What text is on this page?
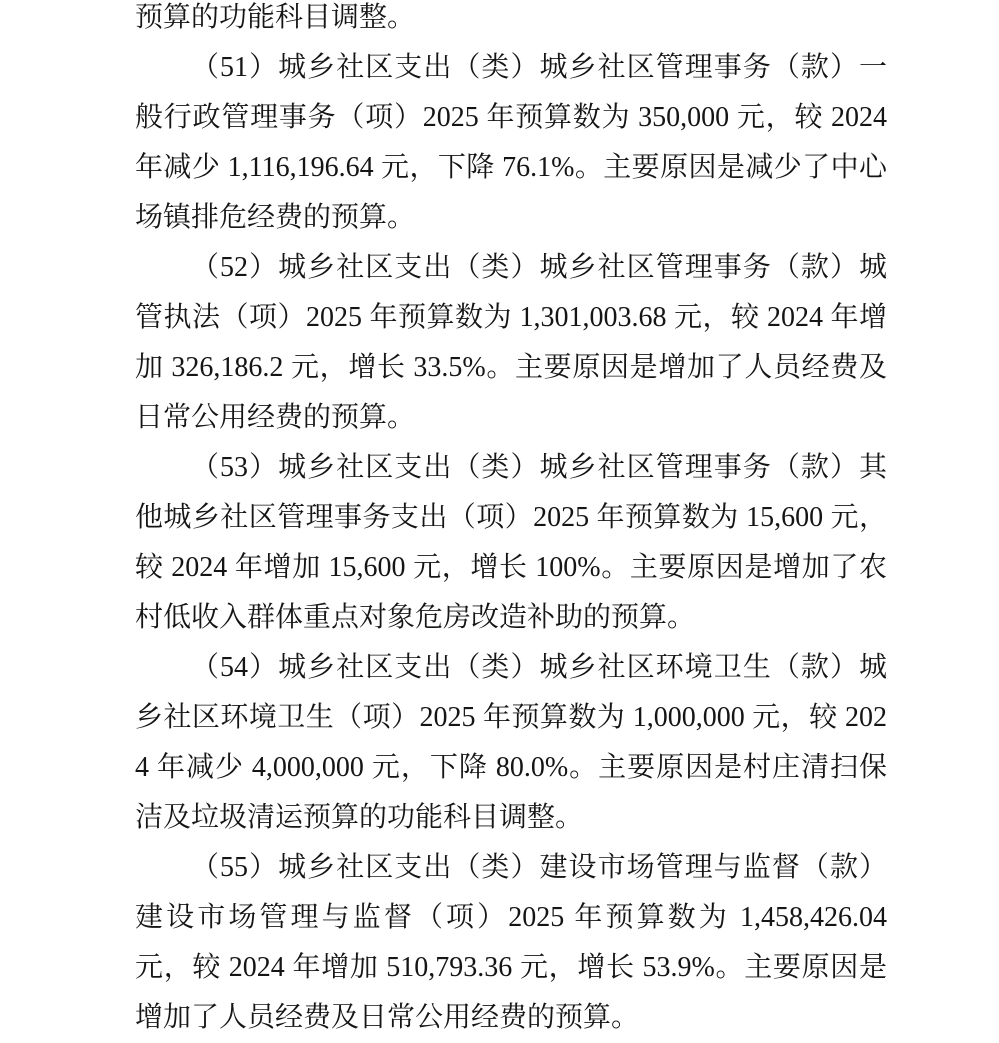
预算的功能科目调整。

（51）城乡社区支出（类）城乡社区管理事务（款）一般行政管理事务（项）2025 年预算数为 350,000 元，较 2024 年减少 1,116,196.64 元，下降 76.1%。主要原因是减少了中心场镇排危经费的预算。

（52）城乡社区支出（类）城乡社区管理事务（款）城管执法（项）2025 年预算数为 1,301,003.68 元，较 2024 年增加 326,186.2 元，增长 33.5%。主要原因是增加了人员经费及日常公用经费的预算。

（53）城乡社区支出（类）城乡社区管理事务（款）其他城乡社区管理事务支出（项）2025 年预算数为 15,600 元，较 2024 年增加 15,600 元，增长 100%。主要原因是增加了农村低收入群体重点对象危房改造补助的预算。

（54）城乡社区支出（类）城乡社区环境卫生（款）城乡社区环境卫生（项）2025 年预算数为 1,000,000 元，较 2024 年减少 4,000,000 元，下降 80.0%。主要原因是村庄清扫保洁及垃圾清运预算的功能科目调整。

（55）城乡社区支出（类）建设市场管理与监督（款）建设市场管理与监督（项）2025 年预算数为 1,458,426.04 元，较 2024 年增加 510,793.36 元，增长 53.9%。主要原因是增加了人员经费及日常公用经费的预算。
